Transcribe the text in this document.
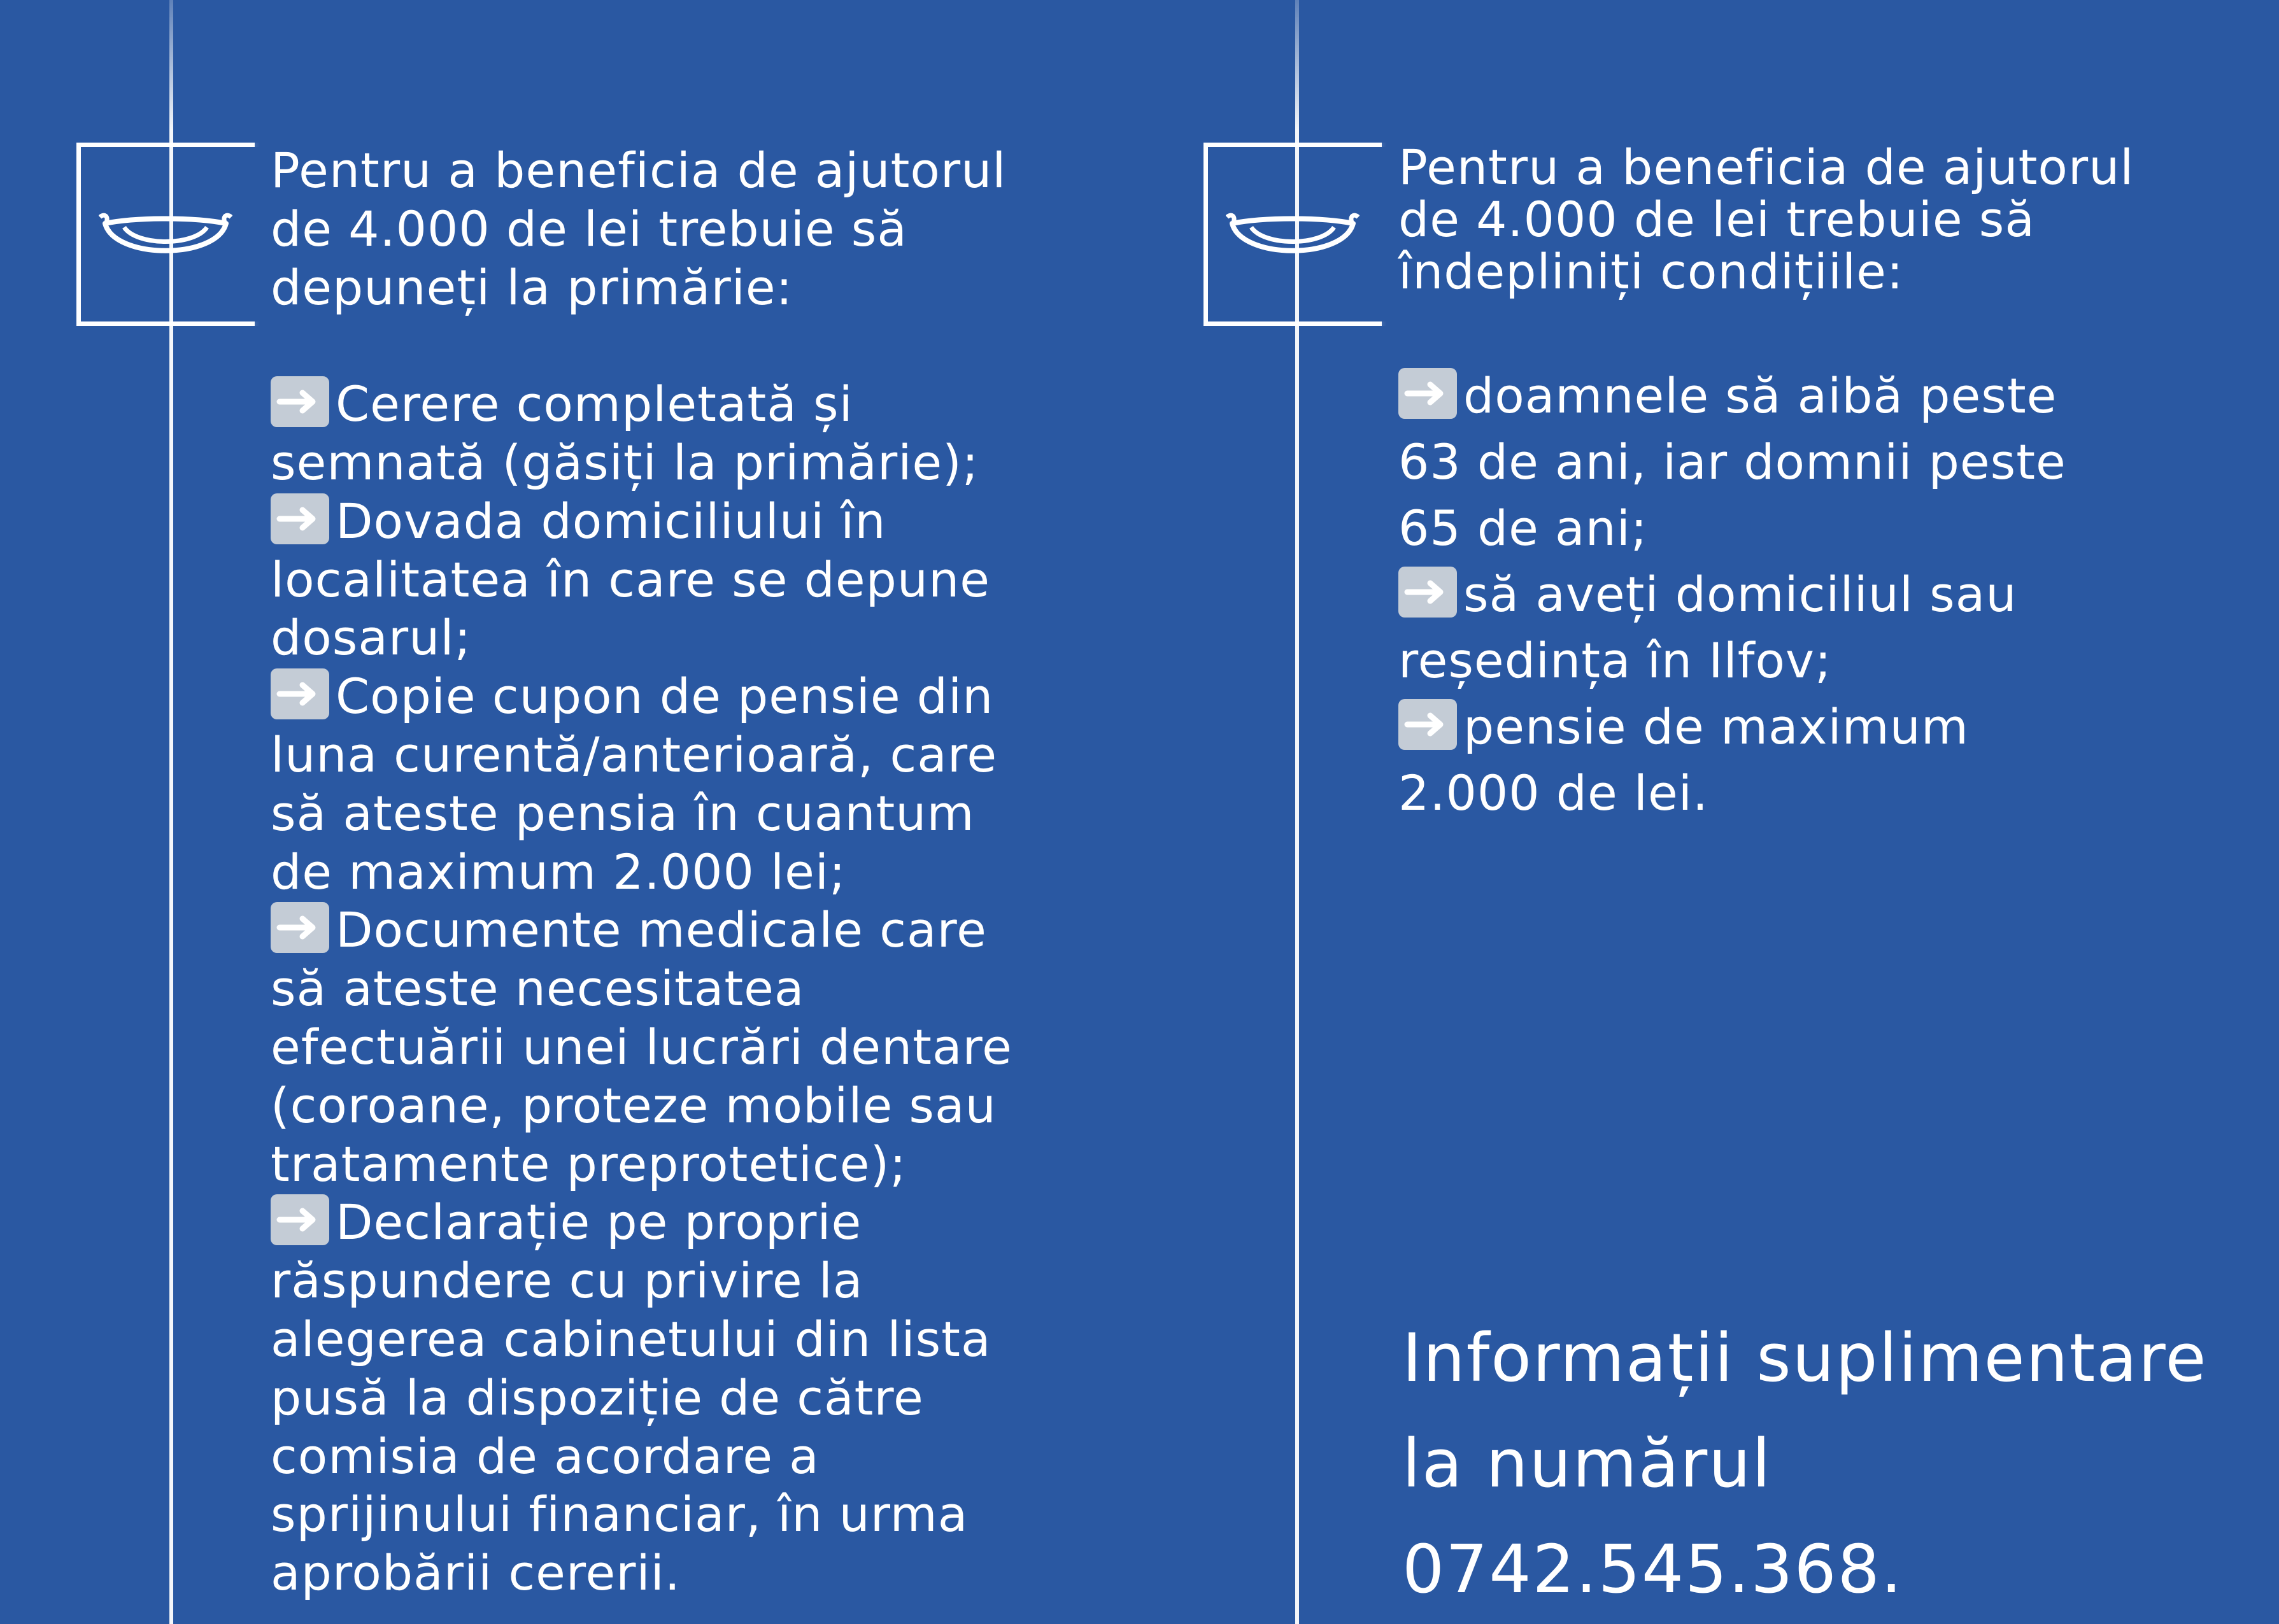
Pentru a beneficia de ajutorul
de 4.000 de lei trebuie să
depuneți la primărie:

Cerere completată și
semnată (găsiți la primărie);

Dovada domiciliului în
localitatea în care se depune
dosarul;

Copie cupon de pensie din
luna curentă/anterioară, care
să ateste pensia în cuantum
de maximum 2.000 lei;

Documente medicale care
să ateste necesitatea
efectuării unei lucrări dentare
(coroane, proteze mobile sau
tratamente preprotetice);

Declarație pe proprie
răspundere cu privire la
alegerea cabinetului din lista
pusă la dispoziție de către
comisia de acordare a
sprijinului financiar, în urma
aprobării cererii.

Pentru a beneficia de ajutorul
de 4.000 de lei trebuie să
îndepliniți condițiile:

doamnele să aibă peste
63 de ani, iar domnii peste
65 de ani;

să aveți domiciliul sau
reședința în Ilfov;

pensie de maximum
2.000 de lei.

Informații suplimentare
la numărul 0742.545.368.
